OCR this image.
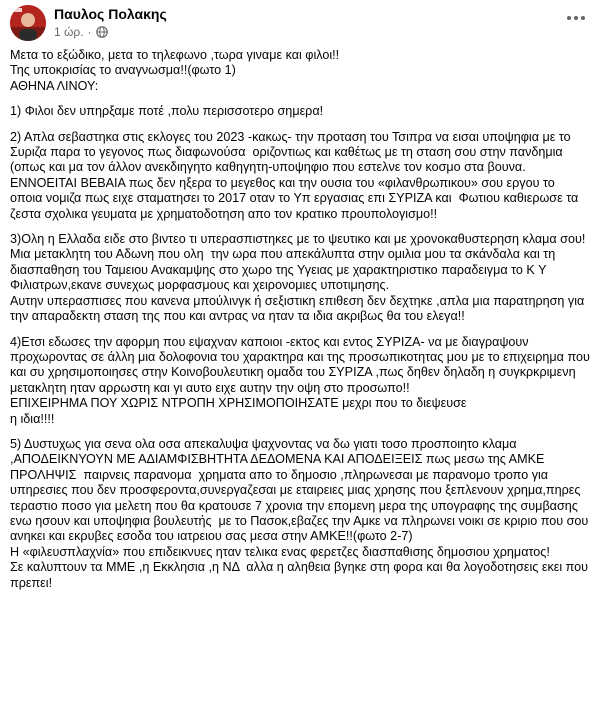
Παυλος Πολακης
1 ώρ. ·

Μετα το εξώδικο, μετα το τηλεφωνο ,τωρα γιναμε και φιλοι!!

Της υποκρισίας το αναγνωσμα!!(φωτο 1)

ΑΘΗΝΑ ΛΙΝΟΥ:

1) Φιλοι δεν υπηρξαμε ποτέ ,πολυ περισσοτερο σημερα!

2) Απλα σεβαστηκα στις εκλογες του 2023 -κακως- την προταση του Τσιπρα να εισαι υποψηφια με το Συριζα παρα το γεγονος πως διαφωνούσα  οριζοντιως και καθέτως με τη σταση σου στην πανδημια (οπως και μα τον άλλον ανεκδιηγητο καθηγητη-υποψηφιο που εστελνε τον κοσμο στα βουνα.

ΕΝΝΟΕΙΤΑΙ ΒΕΒΑΙΑ πως δεν ηξερα το μεγεθος και την ουσια του «φιλανθρωπικου» σου εργου το οποια νομιζα πως ειχε σταματησει το 2017 οταν το Υπ εργασιας επι ΣΥΡΙΖΑ και  Φωτιου καθιερωσε τα ζεστα σχολικα γευματα με χρηματοδοτηση απο τον κρατικο προυπολογισμο!!

3)Ολη η Ελλαδα ειδε στο βιντεο τι υπερασπιστηκες με το ψευτικο και με χρονοκαθυστερηση κλαμα σου!

Μια μετακλητη του Αδωνη που ολη  την ωρα που απεκάλυπτα στην ομιλια μου τα σκάνδαλα και τη διασπαθηση του Ταμειου Ανακαμψης στο χωρο της Υγειας με χαρακτηριστικο παραδειγμα το Κ Υ Φιλιατρων,εκανε συνεχως μορφασμους και χειρονομιες υποτιμησης.

Αυτην υπερασπισες που κανενα μπούλινγκ ή σεξιστικη επιθεση δεν δεχτηκε ,απλα μια παρατηρηση για την απαραδεκτη σταση της που και αντρας να ηταν τα ιδια ακριβως θα του ελεγα!!

4)Ετσι εδωσες την αφορμη που εψαχναν καποιοι -εκτος και εντος ΣΥΡΙΖΑ- να με διαγραψουν προχωροντας σε άλλη μια δολοφονια του χαρακτηρα και της προσωπικοτητας μου με το επιχειρημα που και συ χρησιμοποιησες στην Κοινοβουλευτικη ομαδα του ΣΥΡΙΖΑ ,πως δηθεν δηλαδη η συγκρκριμενη μετακλητη ηταν αρρωστη και γι αυτο ειχε αυτην την οψη στο προσωπο!!

ΕΠΙΧΕΙΡΗΜΑ ΠΟΥ ΧΩΡΙΣ ΝΤΡΟΠΗ ΧΡΗΣΙΜΟΠΟΙΗΣΑΤΕ μεχρι που το διεψευσε

η ιδια!!!!

5) Δυστυχως για σενα ολα οσα απεκαλυψα ψαχνοντας να δω γιατι τοσο προσποιητο κλαμα ,ΑΠΟΔΕΙΚΝΥΟΥΝ ΜΕ ΑΔΙΑΜΦΙΣΒΗΤΗΤΑ ΔΕΔΟΜΕΝΑ ΚΑΙ ΑΠΟΔΕΙΞΕΙΣ πως μεσω της ΑΜΚΕ ΠΡΟΛΗΨΙΣ  παιρνεις παρανομα  χρηματα απο το δημοσιο ,πληρωνεσαι με παρανομο τροπο για υπηρεσιες που δεν προσφεροντα,συνεργαζεσαι με εταιρειες μιας χρησης που ξεπλενουν χρημα,πηρες τεραστιο ποσο για μελετη που θα κρατουσε 7 χρονια την επομενη μερα της υπογραφης της συμβασης ενω ησουν και υποψηφια βουλευτής  με το Πασοκ,εβαζες την Αμκε να πληρωνει νοικι σε κριριο που σου ανηκει και εκρυβες εσοδα του ιατρειου σας μεσα στην ΑΜΚΕ!!(φωτο 2-7)

Η «φιλευσπλαχνία» που επιδεικνυες ηταν τελικα ενας φερετζες διασπαθισης δημοσιου χρηματος!

Σε καλυπτουν τα ΜΜΕ ,η Εκκλησια ,η ΝΔ  αλλα η αληθεια βγηκε στη φορα και θα λογοδοτησεις εκει που πρεπει!
